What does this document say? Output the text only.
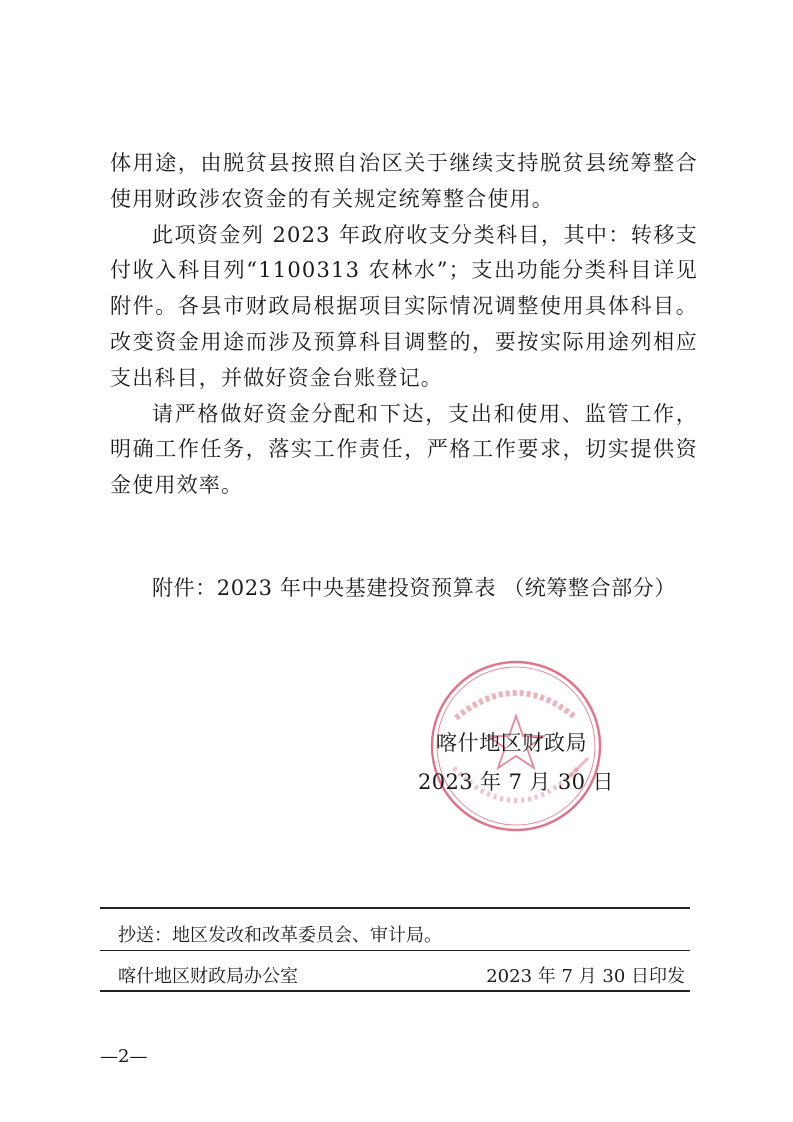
体用途，由脱贫县按照自治区关于继续支持脱贫县统筹整合使用财政涉农资金的有关规定统筹整合使用。

此项资金列 2023 年政府收支分类科目，其中：转移支付收入科目列“1100313 农林水”；支出功能分类科目详见附件。各县市财政局根据项目实际情况调整使用具体科目。改变资金用途而涉及预算科目调整的，要按实际用途列相应支出科目，并做好资金台账登记。

请严格做好资金分配和下达，支出和使用、监管工作，明确工作任务，落实工作责任，严格工作要求，切实提供资金使用效率。

附件：2023 年中央基建投资预算表 （统筹整合部分）
喀什地区财政局
2023 年 7 月 30 日
抄送：地区发改和改革委员会、审计局。
喀什地区财政局办公室	2023 年 7 月 30 日印发
—2—
